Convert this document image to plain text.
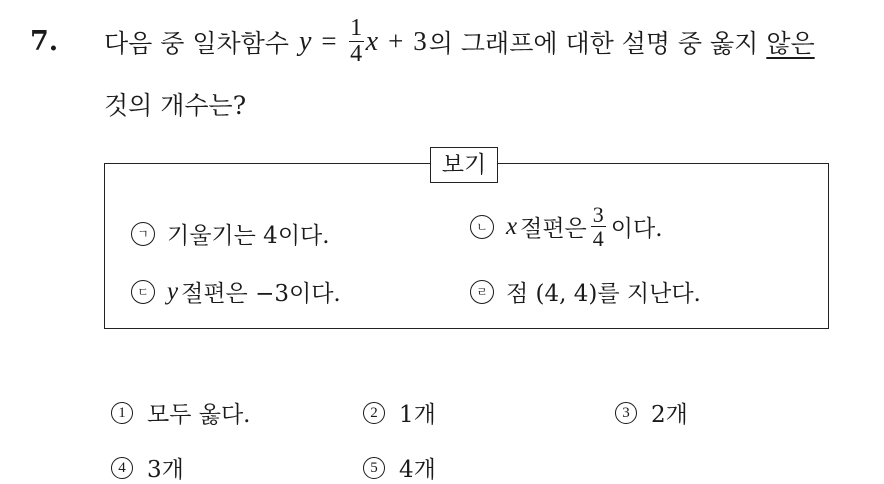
7. 다음 중 일차함수 $y = \frac{1}{4}$ x + 3 의 그래프에 대한 설명 중 옳지 않은
것의 개수는?
보기
ㄱ 기울기는 4이다.	ㄴ x 절편은 $\frac{3}{4}$ 이다.
ㄷ y 절편은 −3이다.	ㄹ 점 (4, 4)를 지난다.
1 모두 옳다.	2 1개	3 2개
4 3개	5 4개
